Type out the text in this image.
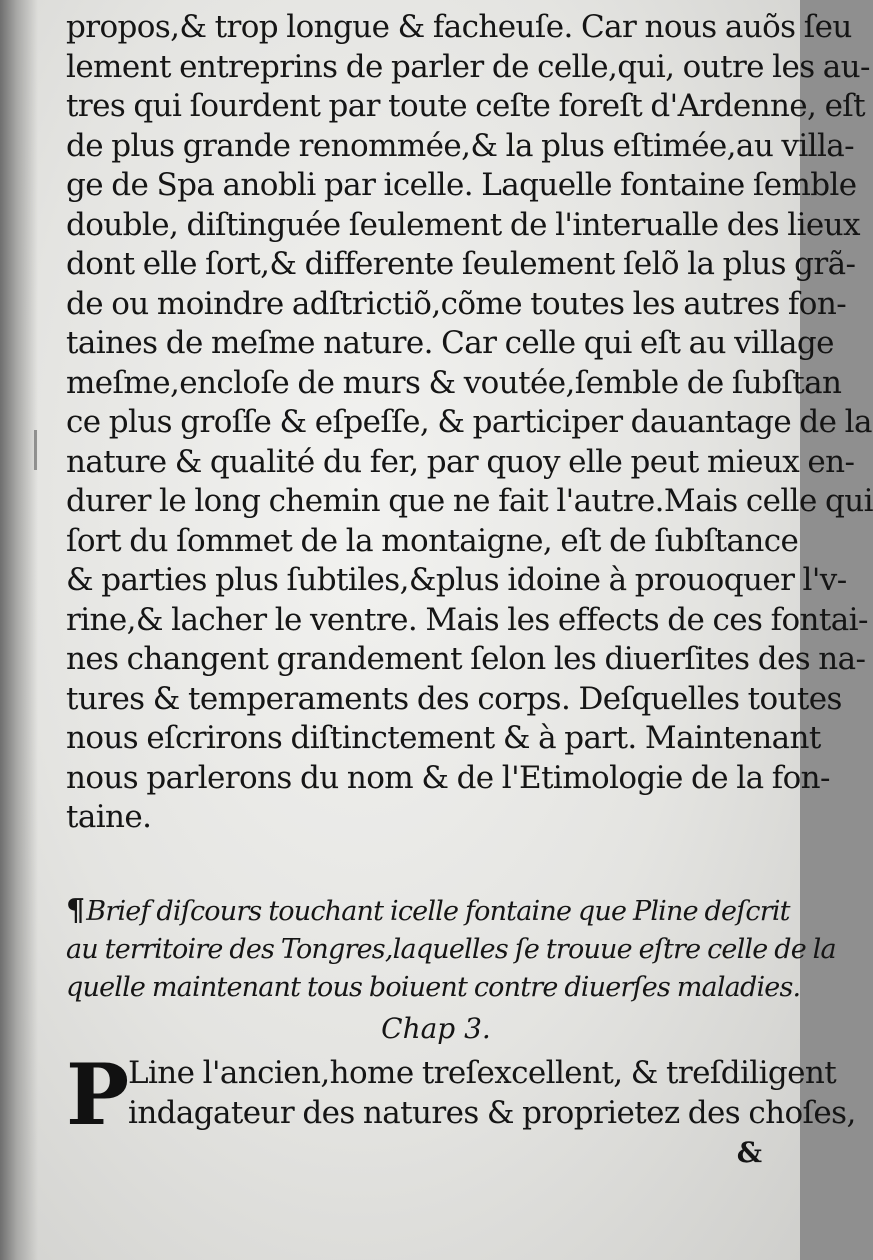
propos,& trop longue & facheuſe. Car nous auõs ſeu
lement entreprins de parler de celle,qui, outre les au-
tres qui ſourdent par toute ceſte foreſt d'Ardenne, eſt
de plus grande renommée,& la plus eſtimée,au villa-
ge de Spa anobli par icelle. Laquelle fontaine ſemble
double, diſtinguée ſeulement de l'interualle des lieux
dont elle ſort,& differente ſeulement ſelõ la plus grã-
de ou moindre adſtrictiõ,cõme toutes les autres fon-
taines de meſme nature. Car celle qui eſt au village
meſme,encloſe de murs & voutée,ſemble de ſubſtan
ce plus groſſe & eſpeſſe, & participer dauantage de la
nature & qualité du fer, par quoy elle peut mieux en-
durer le long chemin que ne fait l'autre.Mais celle qui
ſort du ſommet de la montaigne, eſt de ſubſtance
& parties plus ſubtiles,&plus idoine à prouoquer l'v-
rine,& lacher le ventre. Mais les effects de ces fontai-
nes changent grandement ſelon les diuerſites des na-
tures & temperaments des corps. Deſquelles toutes
nous eſcrirons diſtinctement & à part. Maintenant
nous parlerons du nom & de l'Etimologie de la fon-
taine.
¶Brief diſcours touchant icelle fontaine que Pline deſcrit
au territoire des Tongres,laquelles ſe trouue eſtre celle de la
quelle maintenant tous boiuent contre diuerſes maladies.
Chap 3.
P
Line l'ancien,home treſexcellent, & treſdiligent
indagateur des natures & proprietez des choſes,
&
